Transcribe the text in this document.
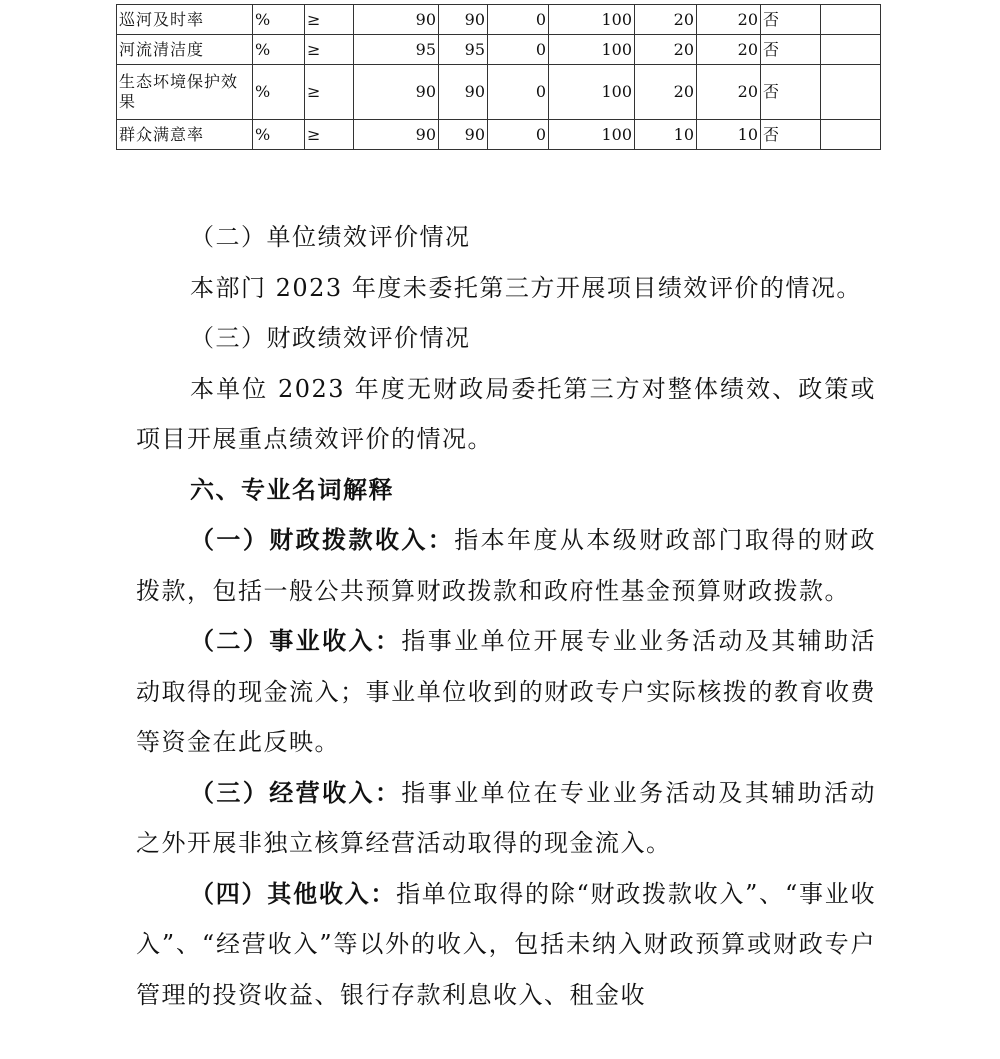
巡河及时率	%	≥	90	90	0	100	20	20	否	
河流清洁度	%	≥	95	95	0	100	20	20	否	
生态坏境保护效果	%	≥	90	90	0	100	20	20	否	
群众满意率	%	≥	90	90	0	100	10	10	否	

（二）单位绩效评价情况

本部门 2023 年度未委托第三方开展项目绩效评价的情况。

（三）财政绩效评价情况

本单位 2023 年度无财政局委托第三方对整体绩效、政策或项目开展重点绩效评价的情况。

六、专业名词解释

（一）财政拨款收入：指本年度从本级财政部门取得的财政拨款，包括一般公共预算财政拨款和政府性基金预算财政拨款。

（二）事业收入：指事业单位开展专业业务活动及其辅助活动取得的现金流入；事业单位收到的财政专户实际核拨的教育收费等资金在此反映。

（三）经营收入：指事业单位在专业业务活动及其辅助活动之外开展非独立核算经营活动取得的现金流入。

（四）其他收入：指单位取得的除“财政拨款收入”、“事业收入”、“经营收入”等以外的收入，包括未纳入财政预算或财政专户管理的投资收益、银行存款利息收入、租金收
